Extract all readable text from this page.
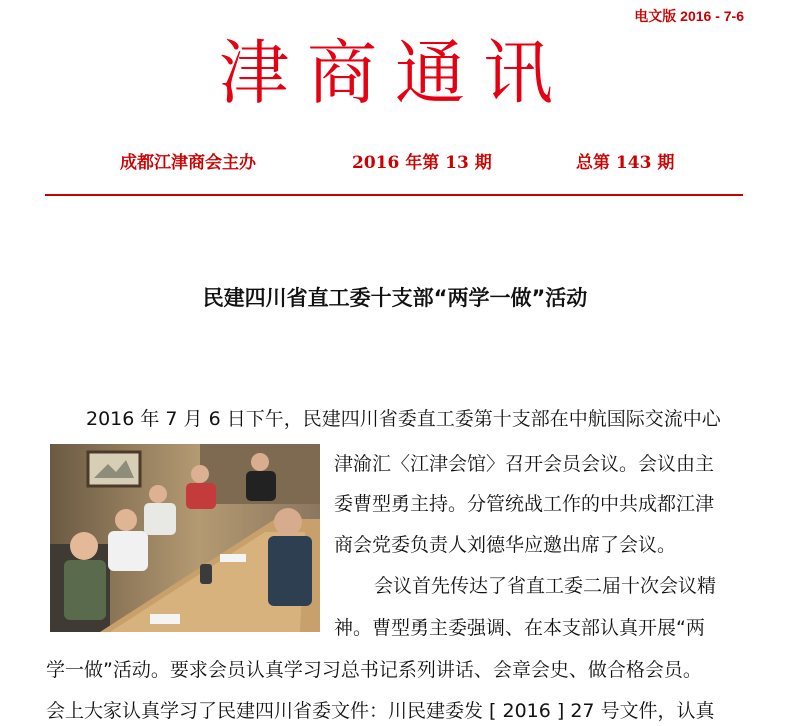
电文版 2016 - 7-6
津商通讯
成都江津商会主办	2016 年第 13 期	总第 143 期
民建四川省直工委十支部“两学一做”活动
2016 年 7 月 6 日下午，民建四川省委直工委第十支部在中航国际交流中心
津渝汇〈江津会馆〉召开会员会议。会议由主
委曹型勇主持。分管统战工作的中共成都江津
商会党委负责人刘德华应邀出席了会议。
会议首先传达了省直工委二届十次会议精
神。曹型勇主委强调、在本支部认真开展“两
学一做”活动。要求会员认真学习习总书记系列讲话、会章会史、做合格会员。
会上大家认真学习了民建四川省委文件：川民建委发 [ 2016 ] 27 号文件，认真
